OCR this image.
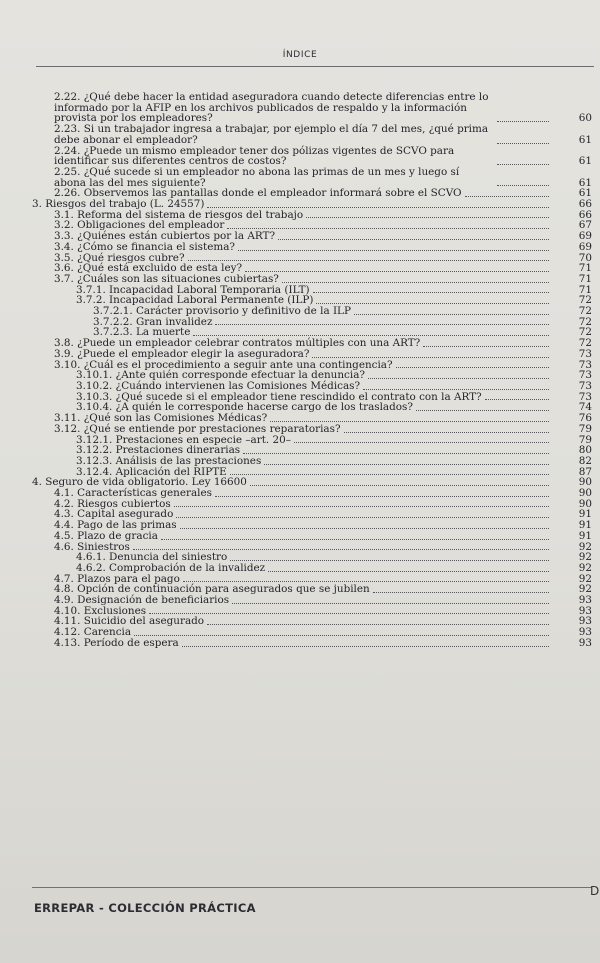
ÍNDICE
2.22. ¿Qué debe hacer la entidad aseguradora cuando detecte diferencias entre lo informado por la AFIP en los archivos publicados de respaldo y la información provista por los empleadores?	60
2.23. Si un trabajador ingresa a trabajar, por ejemplo el día 7 del mes, ¿qué prima debe abonar el empleador?	61
2.24. ¿Puede un mismo empleador tener dos pólizas vigentes de SCVO para identificar sus diferentes centros de costos?	61
2.25. ¿Qué sucede si un empleador no abona las primas de un mes y luego sí abona las del mes siguiente?	61
2.26. Observemos las pantallas donde el empleador informará sobre el SCVO	61
3. Riesgos del trabajo (L. 24557)	66
3.1. Reforma del sistema de riesgos del trabajo	66
3.2. Obligaciones del empleador	67
3.3. ¿Quiénes están cubiertos por la ART?	69
3.4. ¿Cómo se financia el sistema?	69
3.5. ¿Qué riesgos cubre?	70
3.6. ¿Qué está excluido de esta ley?	71
3.7. ¿Cuáles son las situaciones cubiertas?	71
3.7.1. Incapacidad Laboral Temporaria (ILT)	71
3.7.2. Incapacidad Laboral Permanente (ILP)	72
3.7.2.1. Carácter provisorio y definitivo de la ILP	72
3.7.2.2. Gran invalidez	72
3.7.2.3. La muerte	72
3.8. ¿Puede un empleador celebrar contratos múltiples con una ART?	72
3.9. ¿Puede el empleador elegir la aseguradora?	73
3.10. ¿Cuál es el procedimiento a seguir ante una contingencia?	73
3.10.1. ¿Ante quién corresponde efectuar la denuncia?	73
3.10.2. ¿Cuándo intervienen las Comisiones Médicas?	73
3.10.3. ¿Qué sucede si el empleador tiene rescindido el contrato con la ART?	73
3.10.4. ¿A quién le corresponde hacerse cargo de los traslados?	74
3.11. ¿Qué son las Comisiones Médicas?	76
3.12. ¿Qué se entiende por prestaciones reparatorias?	79
3.12.1. Prestaciones en especie –art. 20–	79
3.12.2. Prestaciones dinerarias	80
3.12.3. Análisis de las prestaciones	82
3.12.4. Aplicación del RIPTE	87
4. Seguro de vida obligatorio. Ley 16600	90
4.1. Características generales	90
4.2. Riesgos cubiertos	90
4.3. Capital asegurado	91
4.4. Pago de las primas	91
4.5. Plazo de gracia	91
4.6. Siniestros	92
4.6.1. Denuncia del siniestro	92
4.6.2. Comprobación de la invalidez	92
4.7. Plazos para el pago	92
4.8. Opción de continuación para asegurados que se jubilen	92
4.9. Designación de beneficiarios	93
4.10. Exclusiones	93
4.11. Suicidio del asegurado	93
4.12. Carencia	93
4.13. Período de espera	93
ERREPAR - COLECCIÓN PRÁCTICA
D
